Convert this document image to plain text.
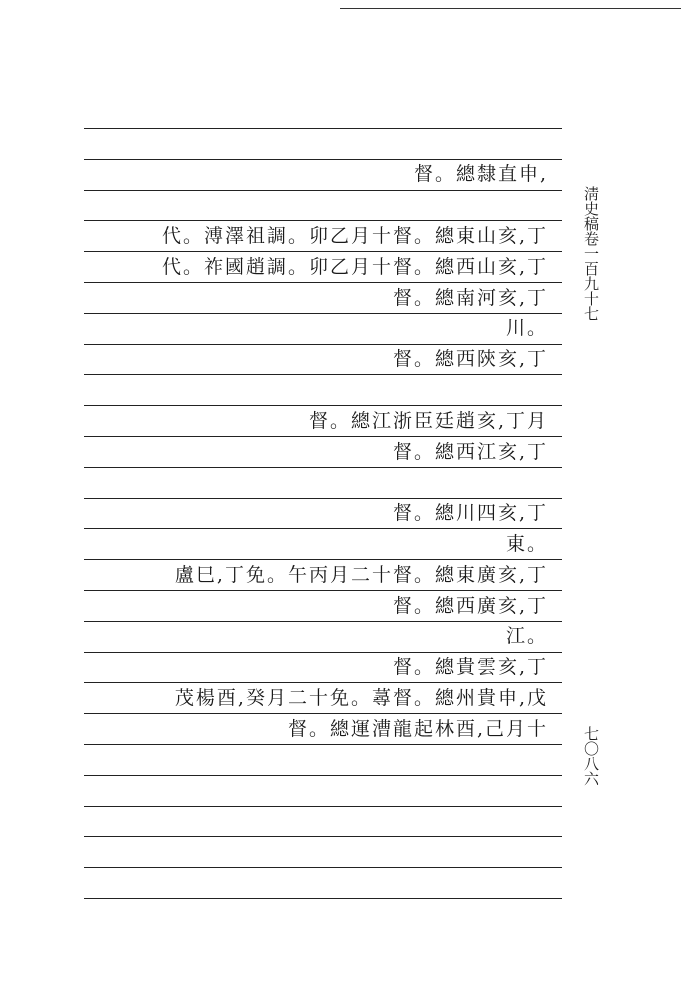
督。總隸直申,
代。溥澤祖調。卯乙月十督。總東山亥,丁
代。祚國趙調。卯乙月十督。總西山亥,丁
督。總南河亥,丁
川。
督。總西陝亥,丁
督。總江浙臣廷趙亥,丁月
督。總西江亥,丁
督。總川四亥,丁
東。
盧巳,丁免。午丙月二十督。總東廣亥,丁
督。總西廣亥,丁
江。
督。總貴雲亥,丁
茂楊酉,癸月二十免。蕁督。總州貴申,戊
督。總運漕龍起林酉,己月十
淸史稿卷一百九十七
七〇八六
